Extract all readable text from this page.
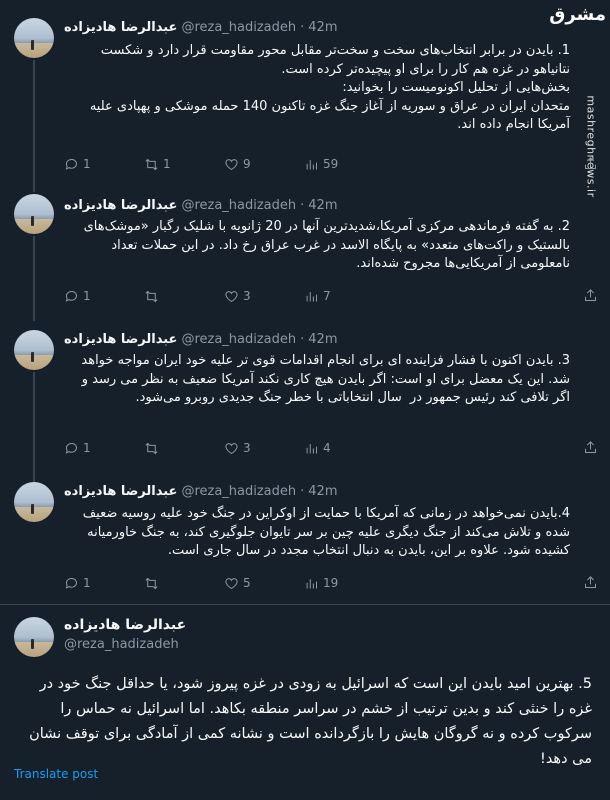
مشرق
mashreghnews.ir
عبدالرضا هادیزاده @reza_hadizadeh · 42m
1. بایدن در برابر انتخاب‌های سخت و سخت‌تر مقابل محور مقاومت قرار دارد و شکست نتانیاهو در غزه هم کار را برای او پیچیده‌تر کرده است.
بخش‌هایی از تحلیل اکونومیست را بخوانید:
متحدان ایران در عراق و سوریه از آغاز جنگ غزه تاکنون 140 حمله موشکی و پهپادی علیه آمریکا انجام داده اند.
1	1	9	59
عبدالرضا هادیزاده @reza_hadizadeh · 42m
2. به گفته فرماندهی مرکزی آمریکا،شدیدترین آنها در 20 ژانویه با شلیک رگبار «موشک‌های بالستیک و راکت‌های متعدد» به پایگاه الاسد در غرب عراق رخ داد. در این حملات تعداد نامعلومی از آمریکایی‌ها مجروح شده‌اند.
1	3	7
عبدالرضا هادیزاده @reza_hadizadeh · 42m
3. بایدن اکنون با فشار فزاینده ای برای انجام اقدامات قوی تر علیه خود ایران مواجه خواهد شد. این یک معضل برای او است: اگر بایدن هیچ کاری نکند آمریکا ضعیف به نظر می رسد و اگر تلافی کند رئیس جمهور در  سال انتخاباتی با خطر جنگ جدیدی روبرو می‌شود.
1	3	4
عبدالرضا هادیزاده @reza_hadizadeh · 42m
4.بایدن نمی‌خواهد در زمانی که آمریکا با حمایت از اوکراین در جنگ خود علیه روسیه ضعیف شده و تلاش می‌کند از جنگ دیگری علیه چین بر سر تایوان جلوگیری کند، به جنگ خاورمیانه کشیده شود. علاوه بر این، بایدن به دنبال انتخاب مجدد در سال جاری است.
1	5	19
عبدالرضا هادیزاده
@reza_hadizadeh
5. بهترین امید بایدن این است که اسرائیل به زودی در غزه پیروز شود، یا حداقل جنگ خود در غزه را خنثی کند و بدین ترتیب از خشم در سراسر منطقه بکاهد. اما اسرائیل نه حماس را سرکوب کرده و نه گروگان هایش را بازگردانده است و نشانه کمی از آمادگی برای توقف نشان می دهد!
Translate post
